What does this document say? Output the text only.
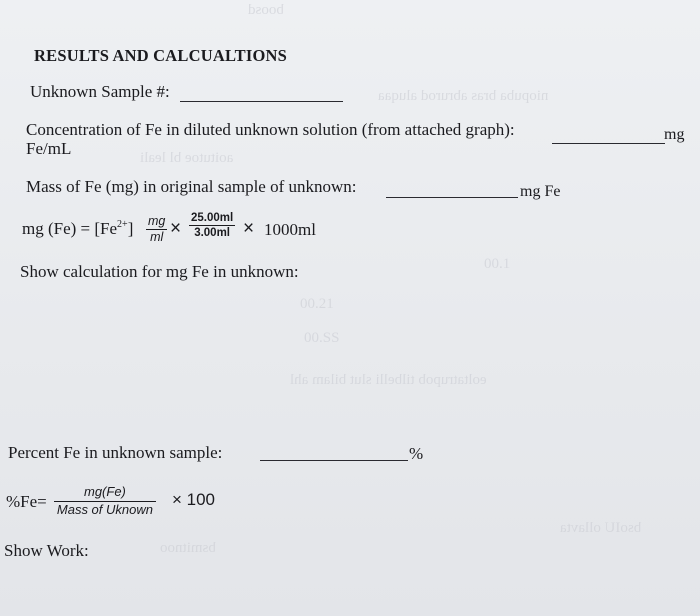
boosd
aoitutoe bl leali
niopuba bras abrurod aluqaa
eoltatrupob tilbelli slut bilam ahl
bsoIU ollavta
bsmitnoo
00.21
00.SS
00.1
RESULTS AND CALCUALTIONS
Unknown Sample #:
Concentration of Fe in diluted unknown solution (from attached graph):	mg
Fe/mL
Mass of Fe (mg) in original sample of unknown:	mg Fe
mg $(Fe) = [Fe^{2+}] \frac{mg}{ml} \times \frac{25.00ml}{3.00ml} \times 1000ml$
Show calculation for mg Fe in unknown:
Percent Fe in unknown sample:	%
%Fe=
mg(Fe)
Mass of Uknown
× 100
Show Work:
